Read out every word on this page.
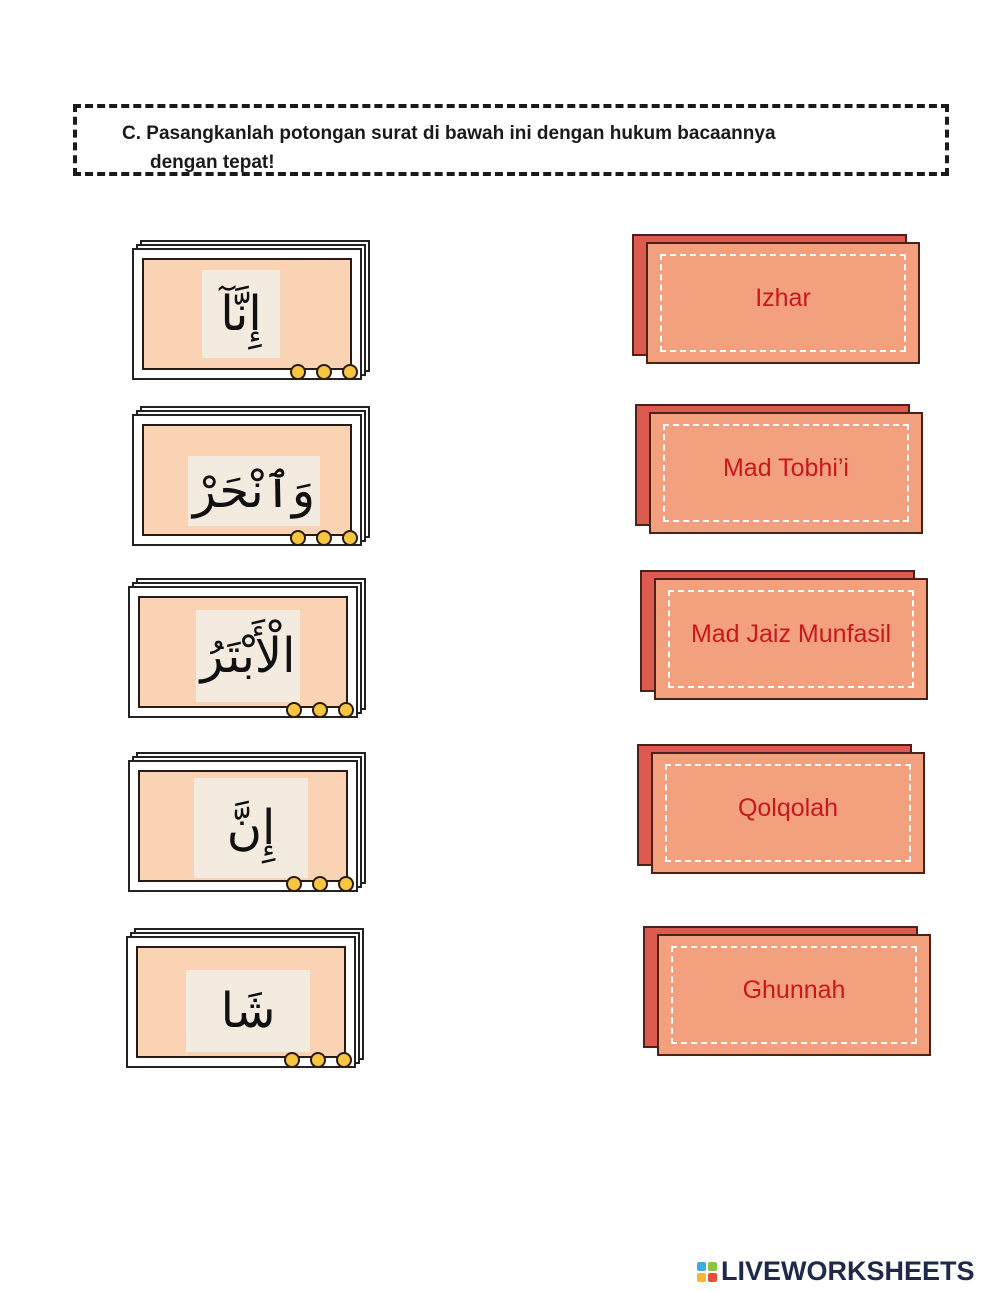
C. Pasangkanlah potongan surat di bawah ini dengan hukum bacaannya
dengan tepat!
إِنَّآ
وَٱنْحَرْ
الْأَبْتَرُ
إِنَّ
شَا
Izhar
Mad Tobhi’i
Mad Jaiz Munfasil
Qolqolah
Ghunnah
LIVEWORKSHEETS
